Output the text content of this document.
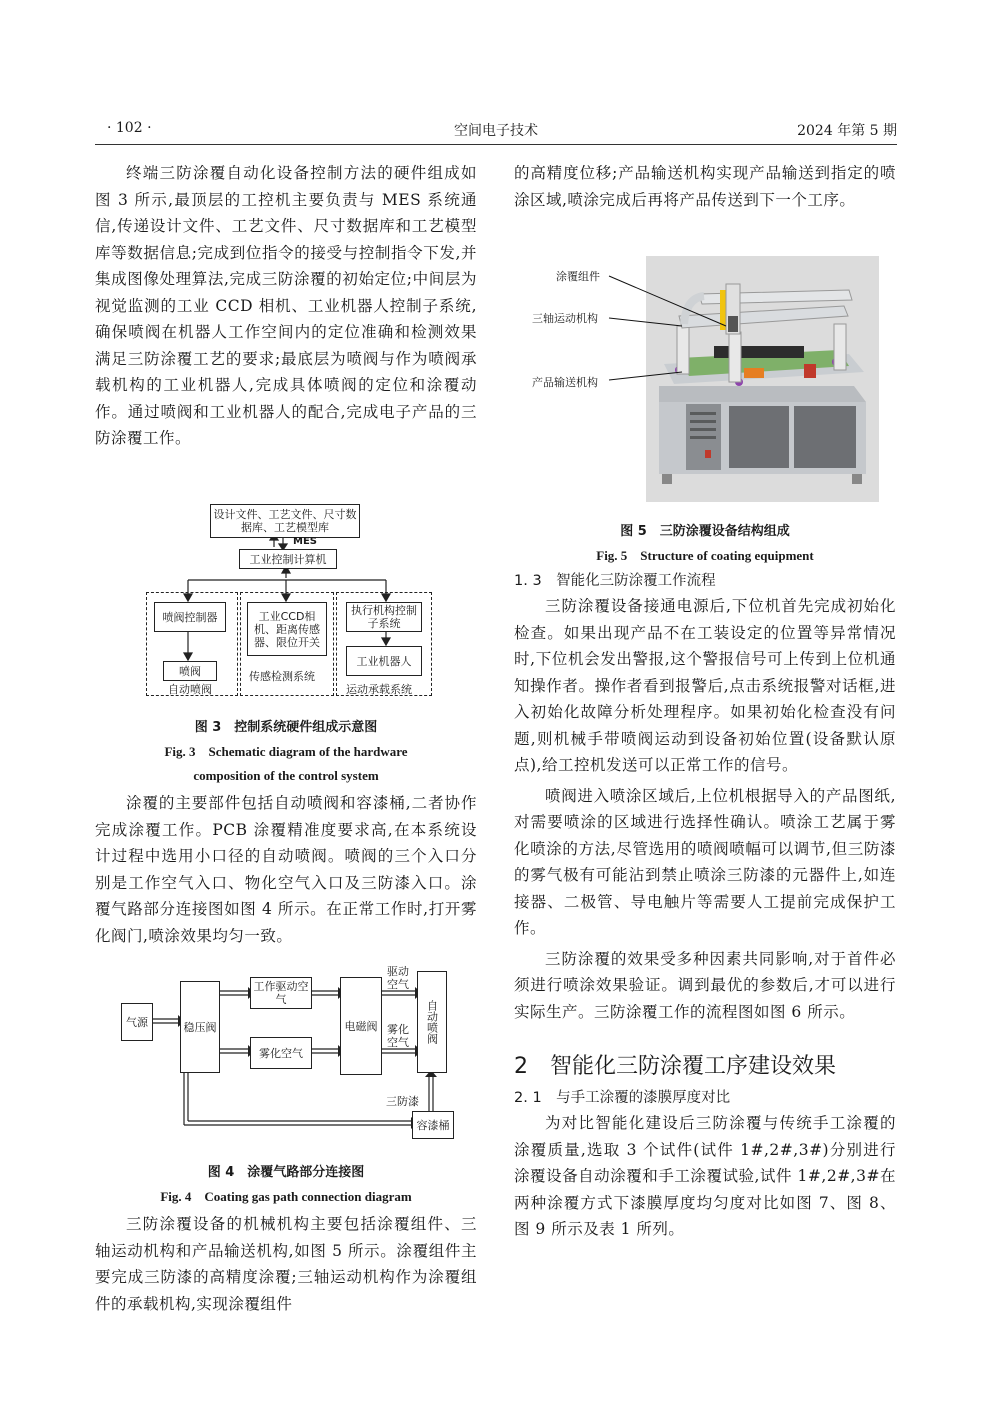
· 102 ·	空间电子技术	2024 年第 5 期

终端三防涂覆自动化设备控制方法的硬件组成如图 3 所示,最顶层的工控机主要负责与 MES 系统通信,传递设计文件、工艺文件、尺寸数据库和工艺模型库等数据信息;完成到位指令的接受与控制指令下发,并集成图像处理算法,完成三防涂覆的初始定位;中间层为视觉监测的工业 CCD 相机、工业机器人控制子系统,确保喷阀在机器人工作空间内的定位准确和检测效果满足三防涂覆工艺的要求;最底层为喷阀与作为喷阀承载机构的工业机器人,完成具体喷阀的定位和涂覆动作。通过喷阀和工业机器人的配合,完成电子产品的三防涂覆工作。

设计文件、工艺文件、尺寸数据库、工艺模型库
MES
工业控制计算机
喷阀控制器
喷阀
自动喷阀
工业CCD相机、距离传感器、限位开关
传感检测系统
执行机构控制子系统
工业机器人
运动承载系统

图 3　控制系统硬件组成示意图

Fig. 3　Schematic diagram of the hardware

composition of the control system

涂覆的主要部件包括自动喷阀和容漆桶,二者协作完成涂覆工作。PCB 涂覆精准度要求高,在本系统设计过程中选用小口径的自动喷阀。喷阀的三个入口分别是工作空气入口、物化空气入口及三防漆入口。涂覆气路部分连接图如图 4 所示。在正常工作时,打开雾化阀门,喷涂效果均匀一致。

气源	稳压阀
工作驱动空气
雾化空气
电磁阀
驱动空气
雾化空气	自动喷阀
三防漆
容漆桶

图 4　涂覆气路部分连接图

Fig. 4　Coating gas path connection diagram

三防涂覆设备的机械机构主要包括涂覆组件、三轴运动机构和产品输送机构,如图 5 所示。涂覆组件主要完成三防漆的高精度涂覆;三轴运动机构作为涂覆组件的承载机构,实现涂覆组件

的高精度位移;产品输送机构实现产品输送到指定的喷涂区域,喷涂完成后再将产品传送到下一个工序。

涂覆组件
三轴运动机构
产品输送机构

图 5　三防涂覆设备结构组成

Fig. 5　Structure of coating equipment

1. 3　智能化三防涂覆工作流程

三防涂覆设备接通电源后,下位机首先完成初始化检查。如果出现产品不在工装设定的位置等异常情况时,下位机会发出警报,这个警报信号可上传到上位机通知操作者。操作者看到报警后,点击系统报警对话框,进入初始化故障分析处理程序。如果初始化检查没有问题,则机械手带喷阀运动到设备初始位置(设备默认原点),给工控机发送可以正常工作的信号。

喷阀进入喷涂区域后,上位机根据导入的产品图纸,对需要喷涂的区域进行选择性确认。喷涂工艺属于雾化喷涂的方法,尽管选用的喷阀喷幅可以调节,但三防漆的雾气极有可能沾到禁止喷涂三防漆的元器件上,如连接器、二极管、导电触片等需要人工提前完成保护工作。

三防涂覆的效果受多种因素共同影响,对于首件必须进行喷涂效果验证。调到最优的参数后,才可以进行实际生产。三防涂覆工作的流程图如图 6 所示。

2　智能化三防涂覆工序建设效果
2. 1　与手工涂覆的漆膜厚度对比

为对比智能化建设后三防涂覆与传统手工涂覆的涂覆质量,选取 3 个试件(试件 1#,2#,3#)分别进行涂覆设备自动涂覆和手工涂覆试验,试件 1#,2#,3#在两种涂覆方式下漆膜厚度均匀度对比如图 7、图 8、图 9 所示及表 1 所列。
